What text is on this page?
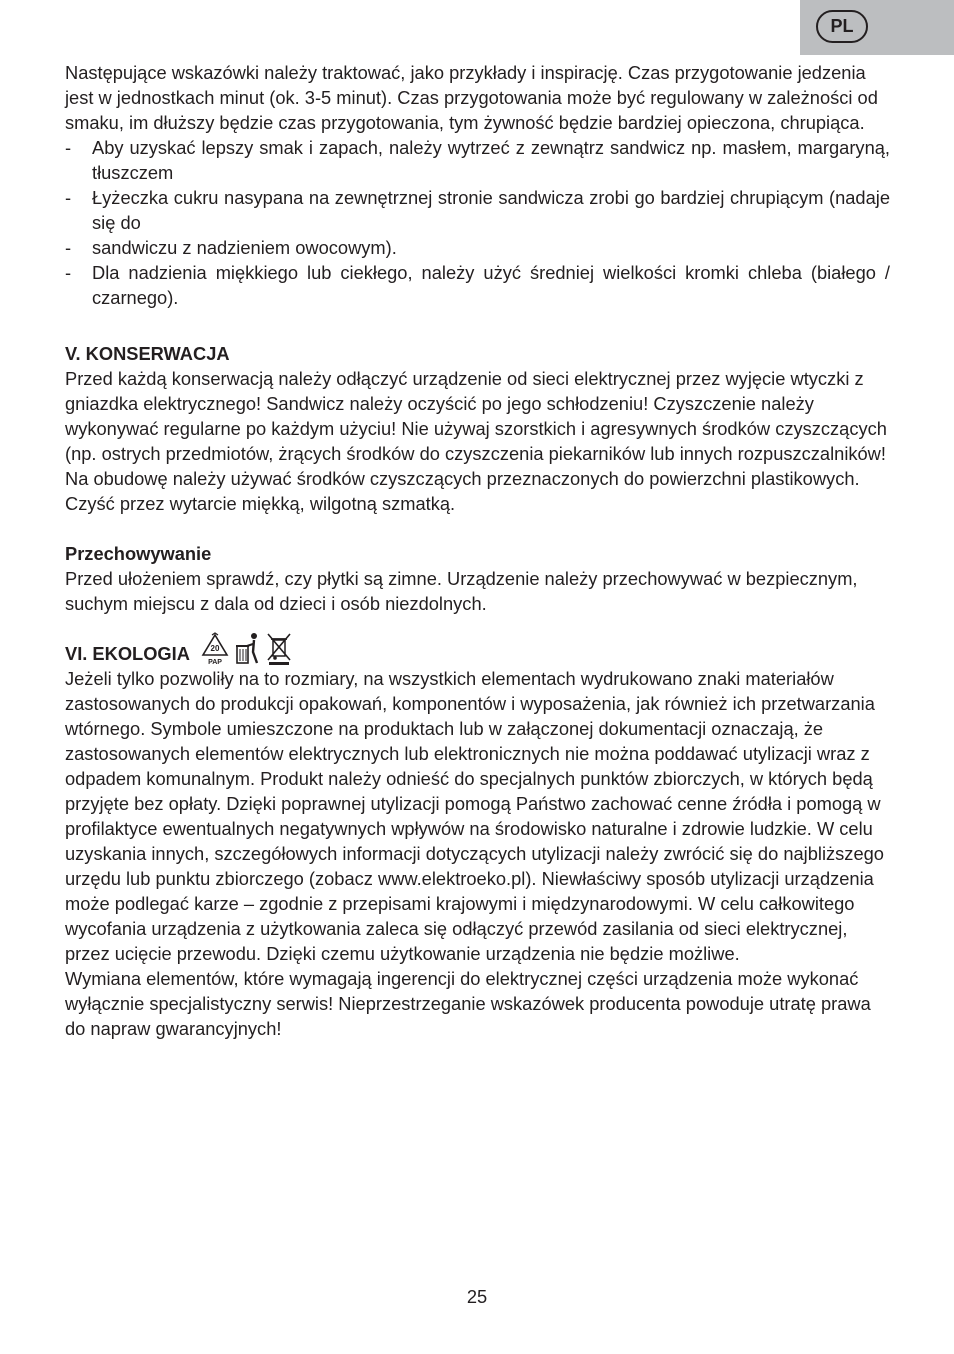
PL

Następujące wskazówki należy traktować, jako przykłady i inspirację. Czas przygotowanie jedzenia jest w jednostkach minut (ok. 3-5 minut). Czas przygotowania może być regulowany w zależności od smaku, im dłuższy będzie czas przygotowania, tym żywność będzie bardziej opieczona, chrupiąca.

- Aby uzyskać lepszy smak i zapach, należy wytrzeć z zewnątrz sandwicz np. masłem, margaryną, tłuszczem
- Łyżeczka cukru nasypana na zewnętrznej stronie sandwicza zrobi go bardziej chrupiącym (nadaje się do
- sandwiczu z nadzieniem owocowym).
- Dla nadzienia miękkiego lub ciekłego, należy użyć średniej wielkości kromki chleba (białego / czarnego).
V. KONSERWACJA

Przed każdą konserwacją należy odłączyć urządzenie od sieci elektrycznej przez wyjęcie wtyczki z gniazdka elektrycznego! Sandwicz należy oczyścić po jego schłodzeniu! Czyszczenie należy wykonywać regularne po każdym użyciu! Nie używaj szorstkich i agresywnych środków czyszczących (np. ostrych przedmiotów, żrących środków do czyszczenia piekarników lub innych rozpuszczalników! Na obudowę należy używać środków czyszczących przeznaczonych do powierzchni plastikowych. Czyść przez wytarcie miękką, wilgotną szmatką.

Przechowywanie

Przed ułożeniem sprawdź, czy płytki są zimne. Urządzenie należy przechowywać w bezpiecznym, suchym miejscu z dala od dzieci i osób niezdolnych.

VI. EKOLOGIA	20
PAP

Jeżeli tylko pozwoliły na to rozmiary, na wszystkich elementach wydrukowano znaki materiałów zastosowanych do produkcji opakowań, komponentów i wyposażenia, jak również ich przetwarzania wtórnego. Symbole umieszczone na produktach lub w załączonej dokumentacji oznaczają, że zastosowanych elementów elektrycznych lub elektronicznych nie można poddawać utylizacji wraz z odpadem komunalnym. Produkt należy odnieść do specjalnych punktów zbiorczych, w których będą przyjęte bez opłaty. Dzięki poprawnej utylizacji pomogą Państwo zachować cenne źródła i pomogą w profilaktyce ewentualnych negatywnych wpływów na środowisko naturalne i zdrowie ludzkie. W celu uzyskania innych, szczegółowych informacji dotyczących utylizacji należy zwrócić się do najbliższego urzędu lub punktu zbiorczego (zobacz www.elektroeko.pl). Niewłaściwy sposób utylizacji urządzenia może podlegać karze – zgodnie z przepisami krajowymi i międzynarodowymi. W celu całkowitego wycofania urządzenia z użytkowania zaleca się odłączyć przewód zasilania od sieci elektrycznej, przez ucięcie przewodu. Dzięki czemu użytkowanie urządzenia nie będzie możliwe.

Wymiana elementów, które wymagają ingerencji do elektrycznej części urządzenia może wykonać wyłącznie specjalistyczny serwis! Nieprzestrzeganie wskazówek producenta powoduje utratę prawa do napraw gwarancyjnych!

25
